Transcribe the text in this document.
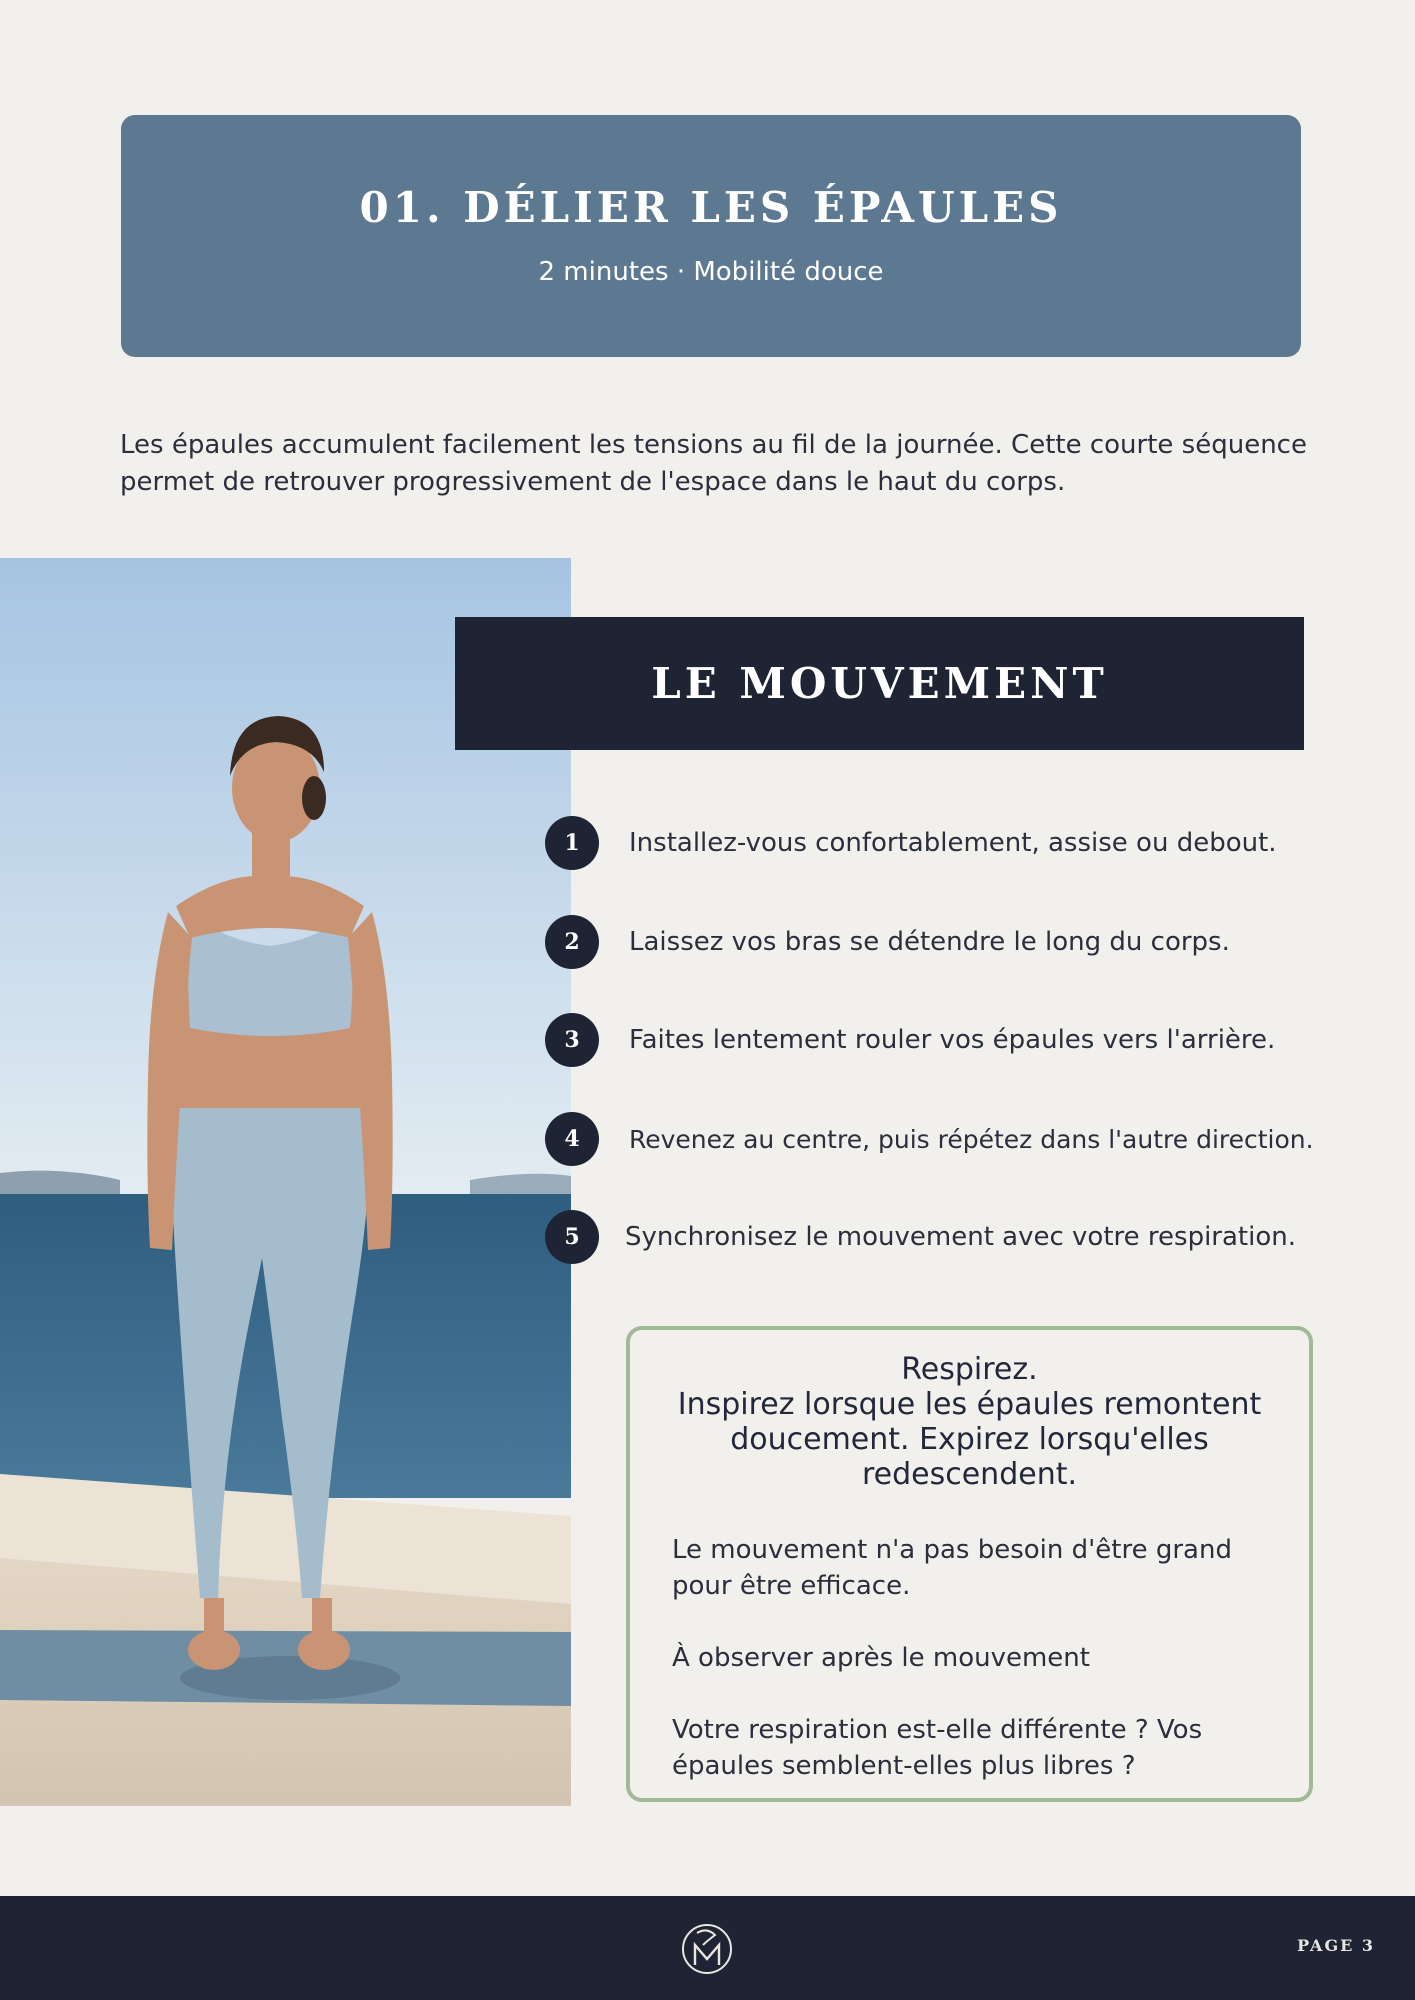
01. DÉLIER LES ÉPAULES
2 minutes · Mobilité douce
Les épaules accumulent facilement les tensions au fil de la journée. Cette courte séquence permet de retrouver progressivement de l'espace dans le haut du corps.
LE MOUVEMENT
1	Installez-vous confortablement, assise ou debout.
2	Laissez vos bras se détendre le long du corps.
3	Faites lentement rouler vos épaules vers l'arrière.
4	Revenez au centre, puis répétez dans l'autre direction.
5	Synchronisez le mouvement avec votre respiration.
Respirez.
Inspirez lorsque les épaules remontent doucement. Expirez lorsqu'elles redescendent.
Le mouvement n'a pas besoin d'être grand pour être efficace.
À observer après le mouvement
Votre respiration est-elle différente ? Vos épaules semblent-elles plus libres ?
PAGE 3
